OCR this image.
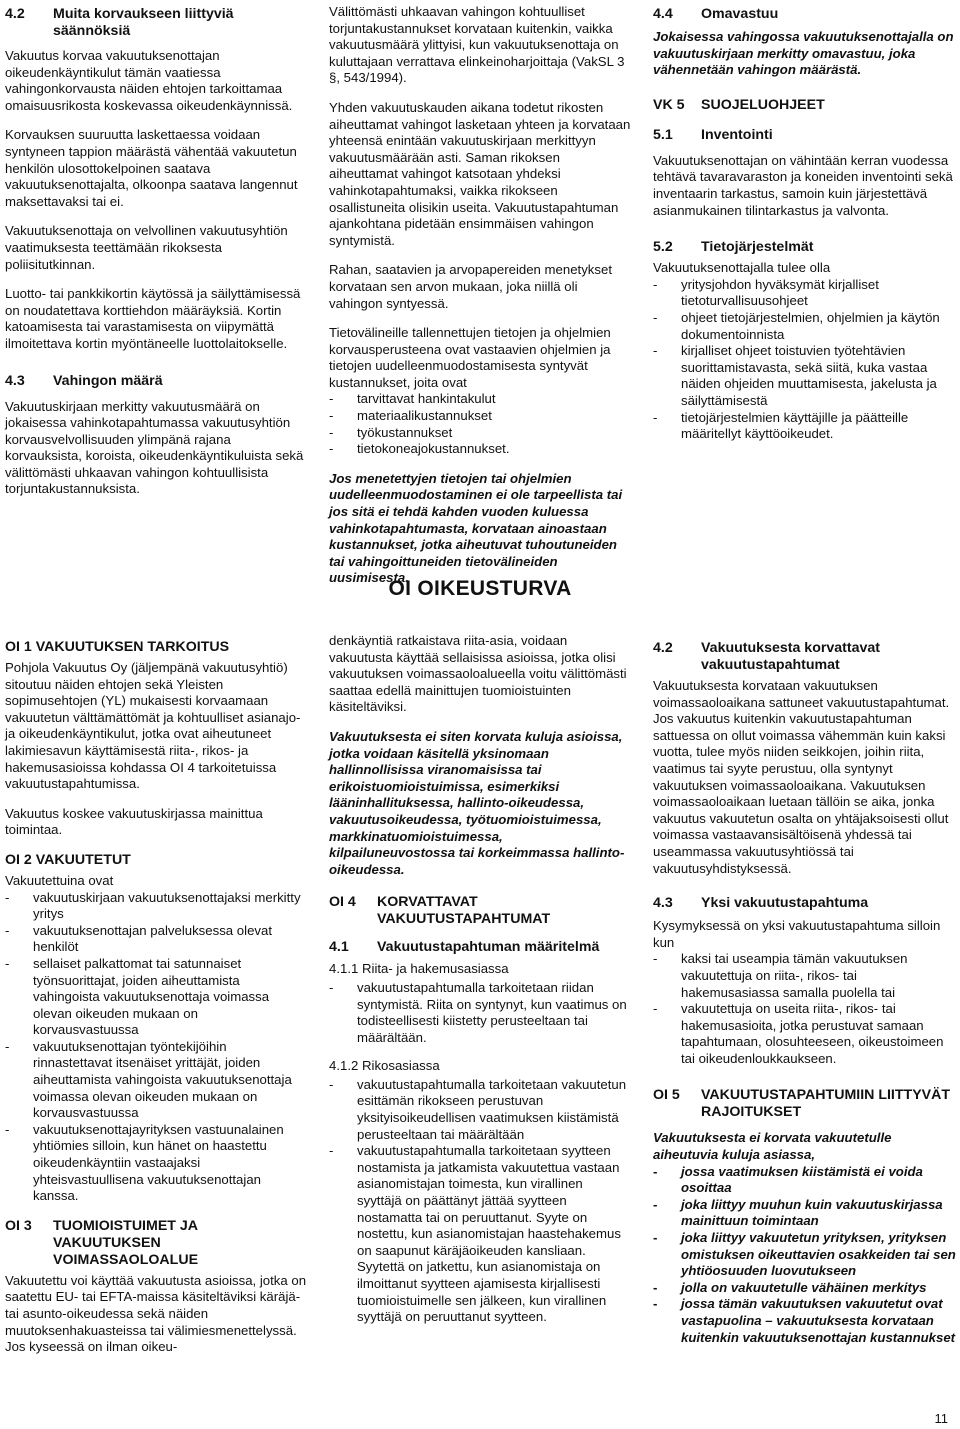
4.2	Muita korvaukseen liittyviä säännöksiä

Vakuutus korvaa vakuutuksenottajan oikeudenkäyntikulut tämän vaatiessa vahingonkorvausta näiden ehtojen tarkoittamaa omaisuusrikosta koskevassa oikeudenkäynnissä.

Korvauksen suuruutta laskettaessa voidaan syntyneen tappion määrästä vähentää vakuutetun henkilön ulosottokelpoinen saatava vakuutuksenottajalta, olkoonpa saatava langennut maksettavaksi tai ei.

Vakuutuksenottaja on velvollinen vakuutusyhtiön vaatimuksesta teettämään rikoksesta poliisitutkinnan.

Luotto- tai pankkikortin käytössä ja säilyttämisessä on noudatettava korttiehdon määräyksiä. Kortin katoamisesta tai varastamisesta on viipymättä ilmoitettava kortin myöntäneelle luottolaitokselle.

4.3	Vahingon määrä

Vakuutuskirjaan merkitty vakuutusmäärä on jokaisessa vahinkotapahtumassa vakuutusyhtiön korvausvelvollisuuden ylimpänä rajana korvauksista, koroista, oikeudenkäyntikuluista sekä välittömästi uhkaavan vahingon kohtuullisista torjuntakustannuksista.

Välittömästi uhkaavan vahingon kohtuulliset torjuntakustannukset korvataan kuitenkin, vaikka vakuutusmäärä ylittyisi, kun vakuutuksenottaja on kuluttajaan verrattava elinkeinoharjoittaja (VakSL 3 §, 543/1994).

Yhden vakuutuskauden aikana todetut rikosten aiheuttamat vahingot lasketaan yhteen ja korvataan yhteensä enintään vakuutuskirjaan merkittyyn vakuutusmäärään asti. Saman rikoksen aiheuttamat vahingot katsotaan yhdeksi vahinkotapahtumaksi, vaikka rikokseen osallistuneita olisikin useita. Vakuutustapahtuman ajankohtana pidetään ensimmäisen vahingon syntymistä.

Rahan, saatavien ja arvopapereiden menetykset korvataan sen arvon mukaan, joka niillä oli vahingon syntyessä.

Tietovälineille tallennettujen tietojen ja ohjelmien korvausperusteena ovat vastaavien ohjelmien ja tietojen uudelleenmuodostamisesta syntyvät kustannukset, joita ovat

-	tarvittavat hankintakulut
-	materiaalikustannukset
-	työkustannukset
-	tietokoneajokustannukset.

Jos menetettyjen tietojen tai ohjelmien uudelleenmuodostaminen ei ole tarpeellista tai jos sitä ei tehdä kahden vuoden kuluessa vahinkotapahtumasta, korvataan ainoastaan kustannukset, jotka aiheutuvat tuhoutuneiden tai vahingoittuneiden tietovälineiden uusimisesta.

4.4	Omavastuu

Jokaisessa vahingossa vakuutuksenottajalla on vakuutuskirjaan merkitty omavastuu, joka vähennetään vahingon määrästä.

VK 5	SUOJELUOHJEET
5.1	Inventointi

Vakuutuksenottajan on vähintään kerran vuodessa tehtävä tavaravaraston ja koneiden inventointi sekä inventaarin tarkastus, samoin kuin järjestettävä asianmukainen tilintarkastus ja valvonta.

5.2	Tietojärjestelmät

Vakuutuksenottajalla tulee olla

-	yritysjohdon hyväksymät kirjalliset tietoturvallisuusohjeet
-	ohjeet tietojärjestelmien, ohjelmien ja käytön dokumentoinnista
-	kirjalliset ohjeet toistuvien työtehtävien suorittamistavasta, sekä siitä, kuka vastaa näiden ohjeiden muuttamisesta, jakelusta ja säilyttämisestä
-	tietojärjestelmien käyttäjille ja päätteille määritellyt käyttöoikeudet.
OI OIKEUSTURVA
OI 1 VAKUUTUKSEN TARKOITUS

Pohjola Vakuutus Oy (jäljempänä vakuutusyhtiö) sitoutuu näiden ehtojen sekä Yleisten sopimusehtojen (YL) mukaisesti korvaamaan vakuutetun välttämättömät ja kohtuulliset asianajo- ja oikeudenkäyntikulut, jotka ovat aiheutuneet lakimiesavun käyttämisestä riita-, rikos- ja hakemusasioissa kohdassa OI 4 tarkoitetuissa vakuutustapahtumissa.

Vakuutus koskee vakuutuskirjassa mainittua toimintaa.

OI 2 VAKUUTETUT

Vakuutettuina ovat

-	vakuutuskirjaan vakuutuksenottajaksi merkitty yritys
-	vakuutuksenottajan palveluksessa olevat henkilöt
-	sellaiset palkattomat tai satunnaiset työnsuorittajat, joiden aiheuttamista vahingoista vakuutuksenottaja voimassa olevan oikeuden mukaan on korvausvastuussa
-	vakuutuksenottajan työntekijöihin rinnastettavat itsenäiset yrittäjät, joiden aiheuttamista vahingoista vakuutuksenottaja voimassa olevan oikeuden mukaan on korvausvastuussa
-	vakuutuksenottajayrityksen vastuunalainen yhtiömies silloin, kun hänet on haastettu oikeudenkäyntiin vastaajaksi yhteisvastuullisena vakuutuksenottajan kanssa.
OI 3	TUOMIOISTUIMET JA VAKUUTUKSEN VOIMASSAOLOALUE

Vakuutettu voi käyttää vakuutusta asioissa, jotka on saatettu EU- tai EFTA-maissa käsiteltäviksi käräjä- tai asunto-oikeudessa sekä näiden muutoksenhakuasteissa tai välimiesmenettelyssä. Jos kyseessä on ilman oikeu-

denkäyntiä ratkaistava riita-asia, voidaan vakuutusta käyttää sellaisissa asioissa, jotka olisi vakuutuksen voimassaoloalueella voitu välittömästi saattaa edellä mainittujen tuomioistuinten käsiteltäviksi.

Vakuutuksesta ei siten korvata kuluja asioissa, jotka voidaan käsitellä yksinomaan hallinnollisissa viranomaisissa tai erikoistuomioistuimissa, esimerkiksi lääninhallituksessa, hallinto-oikeudessa, vakuutusoikeudessa, työtuomioistuimessa, markkinatuomioistuimessa, kilpailuneuvostossa tai korkeimmassa hallinto-oikeudessa.

OI 4	KORVATTAVAT VAKUUTUSTAPAHTUMAT
4.1	Vakuutustapahtuman määritelmä
4.1.1 Riita- ja hakemusasiassa
-	vakuutustapahtumalla tarkoitetaan riidan syntymistä. Riita on syntynyt, kun vaatimus on todisteellisesti kiistetty perusteeltaan tai määrältään.
4.1.2 Rikosasiassa
-	vakuutustapahtumalla tarkoitetaan vakuutetun esittämän rikokseen perustuvan yksityisoikeudellisen vaatimuksen kiistämistä perusteeltaan tai määrältään
-	vakuutustapahtumalla tarkoitetaan syytteen nostamista ja jatkamista vakuutettua vastaan asianomistajan toimesta, kun virallinen syyttäjä on päättänyt jättää syytteen nostamatta tai on peruuttanut. Syyte on nostettu, kun asianomistajan haastehakemus on saapunut käräjäoikeuden kansliaan. Syytettä on jatkettu, kun asianomistaja on ilmoittanut syytteen ajamisesta kirjallisesti tuomioistuimelle sen jälkeen, kun virallinen syyttäjä on peruuttanut syytteen.
4.2	Vakuutuksesta korvattavat vakuutustapahtumat

Vakuutuksesta korvataan vakuutuksen voimassaoloaikana sattuneet vakuutustapahtumat. Jos vakuutus kuitenkin vakuutustapahtuman sattuessa on ollut voimassa vähemmän kuin kaksi vuotta, tulee myös niiden seikkojen, joihin riita, vaatimus tai syyte perustuu, olla syntynyt vakuutuksen voimassaoloaikana. Vakuutuksen voimassaoloaikaan luetaan tällöin se aika, jonka vakuutus vakuutetun osalta on yhtäjaksoisesti ollut voimassa vastaavansisältöisenä yhdessä tai useammassa vakuutusyhtiössä tai vakuutusyhdistyksessä.

4.3	Yksi vakuutustapahtuma

Kysymyksessä on yksi vakuutustapahtuma silloin kun

-	kaksi tai useampia tämän vakuutuksen vakuutettuja on riita-, rikos- tai hakemusasiassa samalla puolella tai
-	vakuutettuja on useita riita-, rikos- tai hakemusasioita, jotka perustuvat samaan tapahtumaan, olosuhteeseen, oikeustoimeen tai oikeudenloukkaukseen.
OI 5	VAKUUTUSTAPAHTUMIIN LIITTYVÄT RAJOITUKSET

Vakuutuksesta ei korvata vakuutetulle aiheutuvia kuluja asiassa,

-	jossa vaatimuksen kiistämistä ei voida osoittaa
-	joka liittyy muuhun kuin vakuutuskirjassa mainittuun toimintaan
-	joka liittyy vakuutetun yrityksen, yrityksen omistuksen oikeuttavien osakkeiden tai sen yhtiöosuuden luovutukseen
-	jolla on vakuutetulle vähäinen merkitys
-	jossa tämän vakuutuksen vakuutetut ovat vastapuolina – vakuutuksesta korvataan kuitenkin vakuutuksenottajan kustannukset
11
